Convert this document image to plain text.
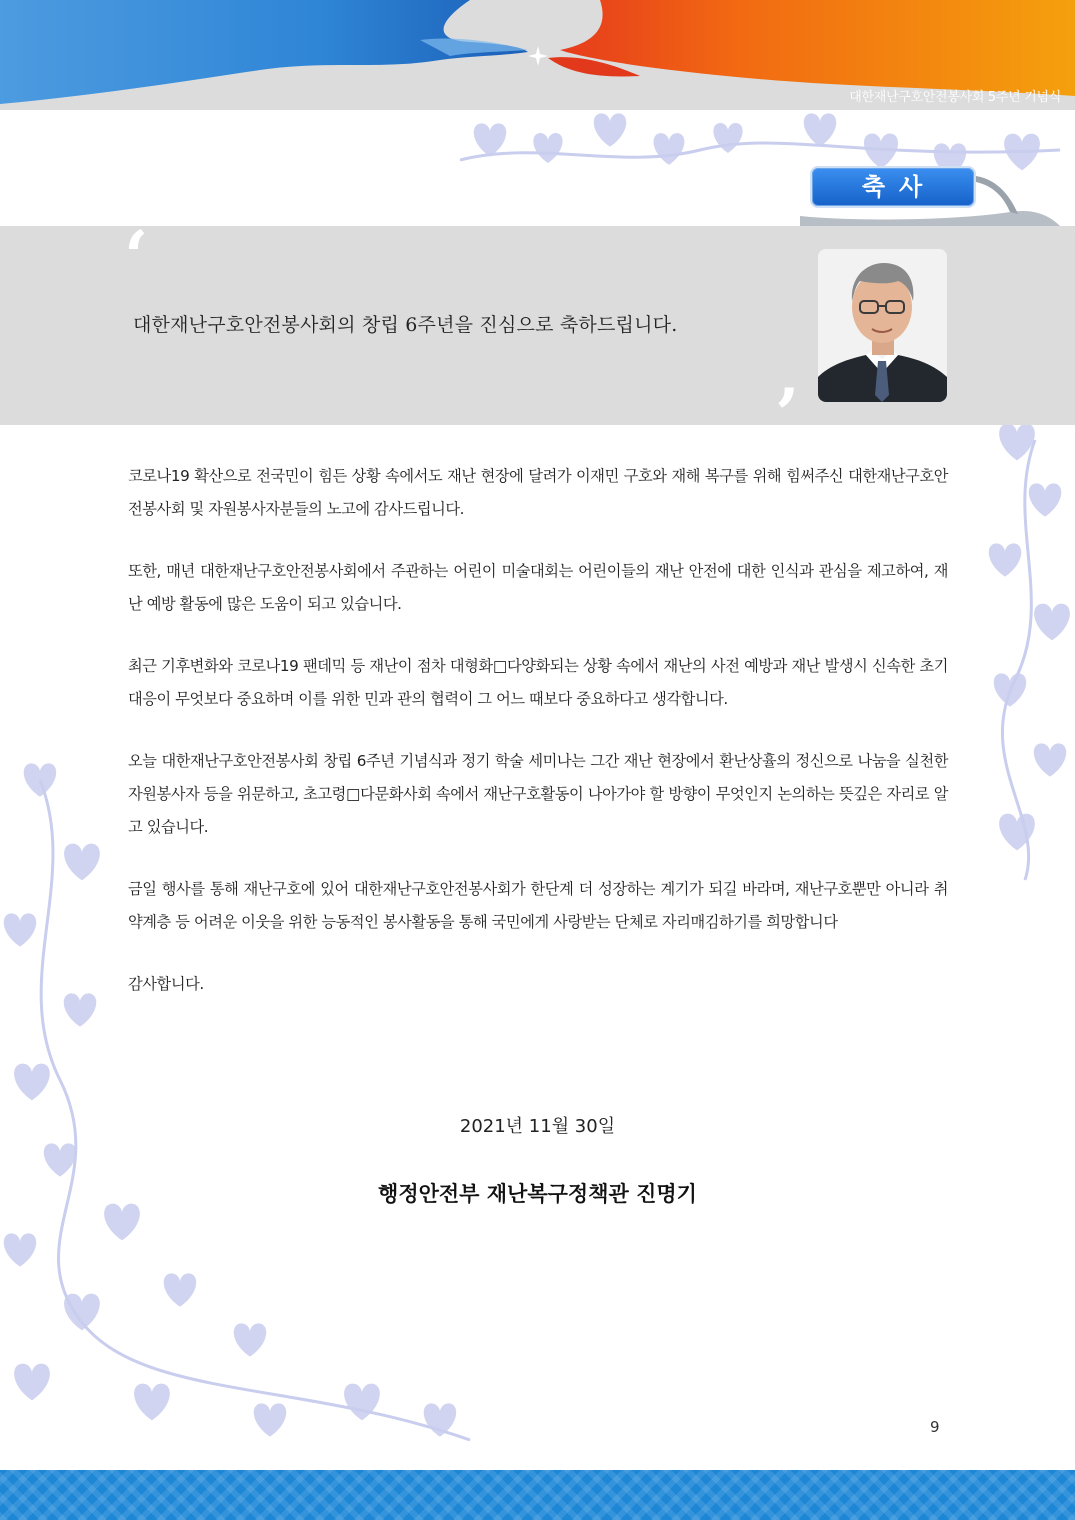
대한재난구호안전봉사회 5주년 기념식
축사
‘
’
대한재난구호안전봉사회의 창립 6주년을 진심으로 축하드립니다.

코로나19 확산으로 전국민이 힘든 상황 속에서도 재난 현장에 달려가 이재민 구호와 재해 복구를 위해 힘써주신 대한재난구호안전봉사회 및 자원봉사자분들의 노고에 감사드립니다.

또한, 매년 대한재난구호안전봉사회에서 주관하는 어린이 미술대회는 어린이들의 재난 안전에 대한 인식과 관심을 제고하여, 재난 예방 활동에 많은 도움이 되고 있습니다.

최근 기후변화와 코로나19 팬데믹 등 재난이 점차 대형화□다양화되는 상황 속에서 재난의 사전 예방과 재난 발생시 신속한 초기대응이 무엇보다 중요하며 이를 위한 민과 관의 협력이 그 어느 때보다 중요하다고 생각합니다.

오늘 대한재난구호안전봉사회 창립 6주년 기념식과 정기 학술 세미나는 그간 재난 현장에서 환난상휼의 정신으로 나눔을 실천한 자원봉사자 등을 위문하고, 초고령□다문화사회 속에서 재난구호활동이 나아가야 할 방향이 무엇인지 논의하는 뜻깊은 자리로 알고 있습니다.

금일 행사를 통해 재난구호에 있어 대한재난구호안전봉사회가 한단계 더 성장하는 계기가 되길 바라며, 재난구호뿐만 아니라 취약계층 등 어려운 이웃을 위한 능동적인 봉사활동을 통해 국민에게 사랑받는 단체로 자리매김하기를 희망합니다

감사합니다.

2021년 11월 30일
행정안전부 재난복구정책관 진명기
9
